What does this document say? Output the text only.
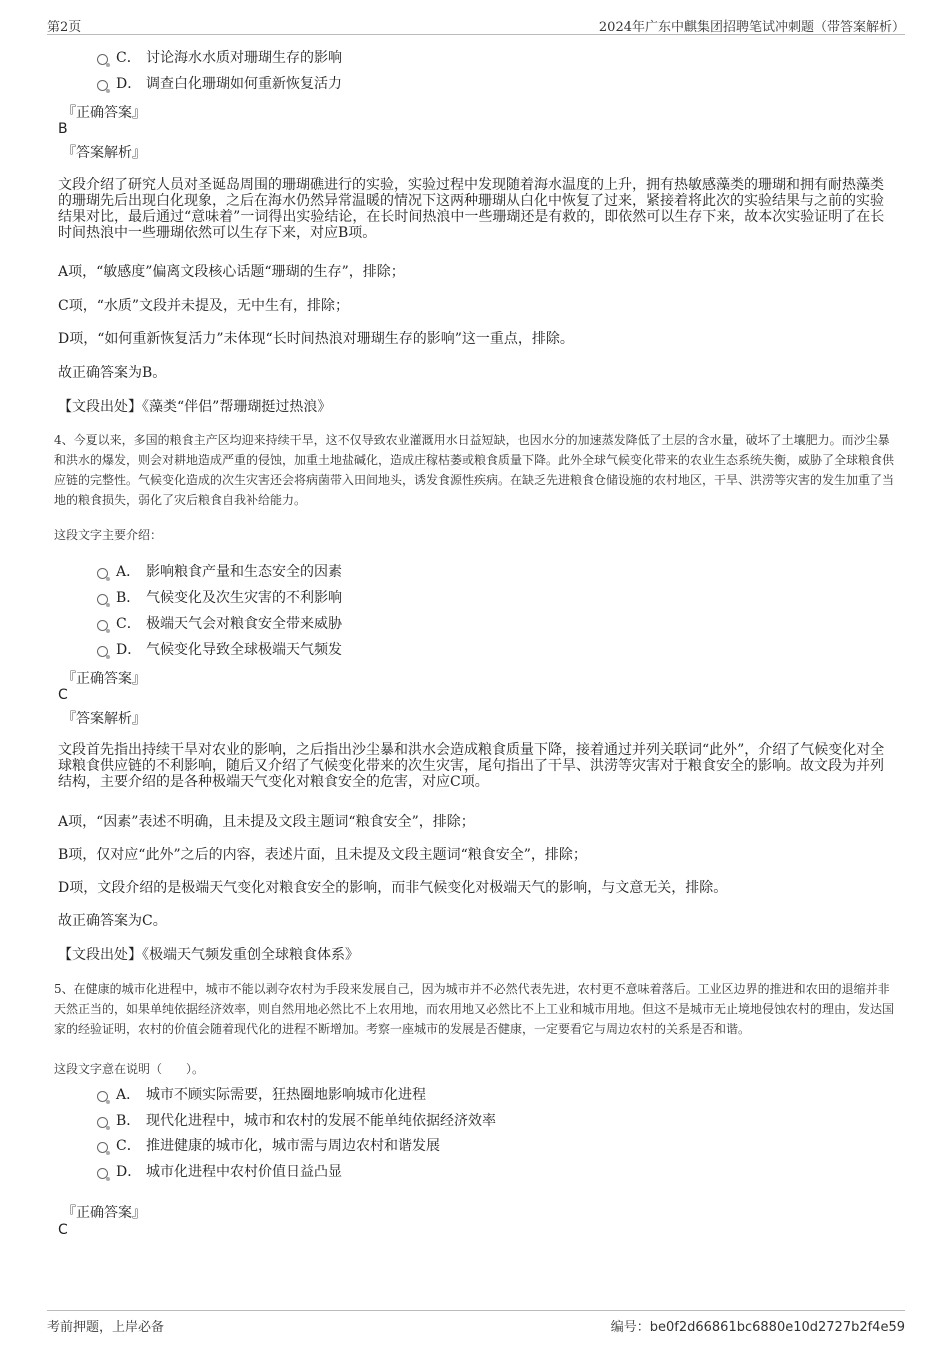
第2页	2024年广东中麒集团招聘笔试冲刺题（带答案解析）
C． 讨论海水水质对珊瑚生存的影响
D． 调查白化珊瑚如何重新恢复活力
『正确答案』
B
『答案解析』
文段介绍了研究人员对圣诞岛周围的珊瑚礁进行的实验，实验过程中发现随着海水温度的上升，拥有热敏感藻类的珊瑚和拥有耐热藻类的珊瑚先后出现白化现象，之后在海水仍然异常温暖的情况下这两种珊瑚从白化中恢复了过来，紧接着将此次的实验结果与之前的实验结果对比，最后通过“意味着”一词得出实验结论，在长时间热浪中一些珊瑚还是有救的，即依然可以生存下来，故本次实验证明了在长时间热浪中一些珊瑚依然可以生存下来，对应B项。
A项，“敏感度”偏离文段核心话题“珊瑚的生存”，排除；
C项，“水质”文段并未提及，无中生有，排除；
D项，“如何重新恢复活力”未体现“长时间热浪对珊瑚生存的影响”这一重点，排除。
故正确答案为B。
【文段出处】《藻类“伴侣”帮珊瑚挺过热浪》
4、今夏以来，多国的粮食主产区均迎来持续干旱，这不仅导致农业灌溉用水日益短缺，也因水分的加速蒸发降低了土层的含水量，破坏了土壤肥力。而沙尘暴和洪水的爆发，则会对耕地造成严重的侵蚀，加重土地盐碱化，造成庄稼枯萎或粮食质量下降。此外全球气候变化带来的农业生态系统失衡，威胁了全球粮食供应链的完整性。气候变化造成的次生灾害还会将病菌带入田间地头，诱发食源性疾病。在缺乏先进粮食仓储设施的农村地区，干旱、洪涝等灾害的发生加重了当地的粮食损失，弱化了灾后粮食自我补给能力。
这段文字主要介绍：
A． 影响粮食产量和生态安全的因素
B． 气候变化及次生灾害的不利影响
C． 极端天气会对粮食安全带来威胁
D． 气候变化导致全球极端天气频发
『正确答案』
C
『答案解析』
文段首先指出持续干旱对农业的影响，之后指出沙尘暴和洪水会造成粮食质量下降，接着通过并列关联词“此外”，介绍了气候变化对全球粮食供应链的不利影响，随后又介绍了气候变化带来的次生灾害，尾句指出了干旱、洪涝等灾害对于粮食安全的影响。故文段为并列结构，主要介绍的是各种极端天气变化对粮食安全的危害，对应C项。
A项，“因素”表述不明确，且未提及文段主题词“粮食安全”，排除；
B项，仅对应“此外”之后的内容，表述片面，且未提及文段主题词“粮食安全”，排除；
D项，文段介绍的是极端天气变化对粮食安全的影响，而非气候变化对极端天气的影响，与文意无关，排除。
故正确答案为C。
【文段出处】《极端天气频发重创全球粮食体系》
5、在健康的城市化进程中，城市不能以剥夺农村为手段来发展自己，因为城市并不必然代表先进，农村更不意味着落后。工业区边界的推进和农田的退缩并非天然正当的，如果单纯依据经济效率，则自然用地必然比不上农用地，而农用地又必然比不上工业和城市用地。但这不是城市无止境地侵蚀农村的理由，发达国家的经验证明，农村的价值会随着现代化的进程不断增加。考察一座城市的发展是否健康，一定要看它与周边农村的关系是否和谐。
这段文字意在说明（　　）。
A． 城市不顾实际需要，狂热圈地影响城市化进程
B． 现代化进程中，城市和农村的发展不能单纯依据经济效率
C． 推进健康的城市化，城市需与周边农村和谐发展
D． 城市化进程中农村价值日益凸显
『正确答案』
C
考前押题，上岸必备	编号：be0f2d66861bc6880e10d2727b2f4e59
